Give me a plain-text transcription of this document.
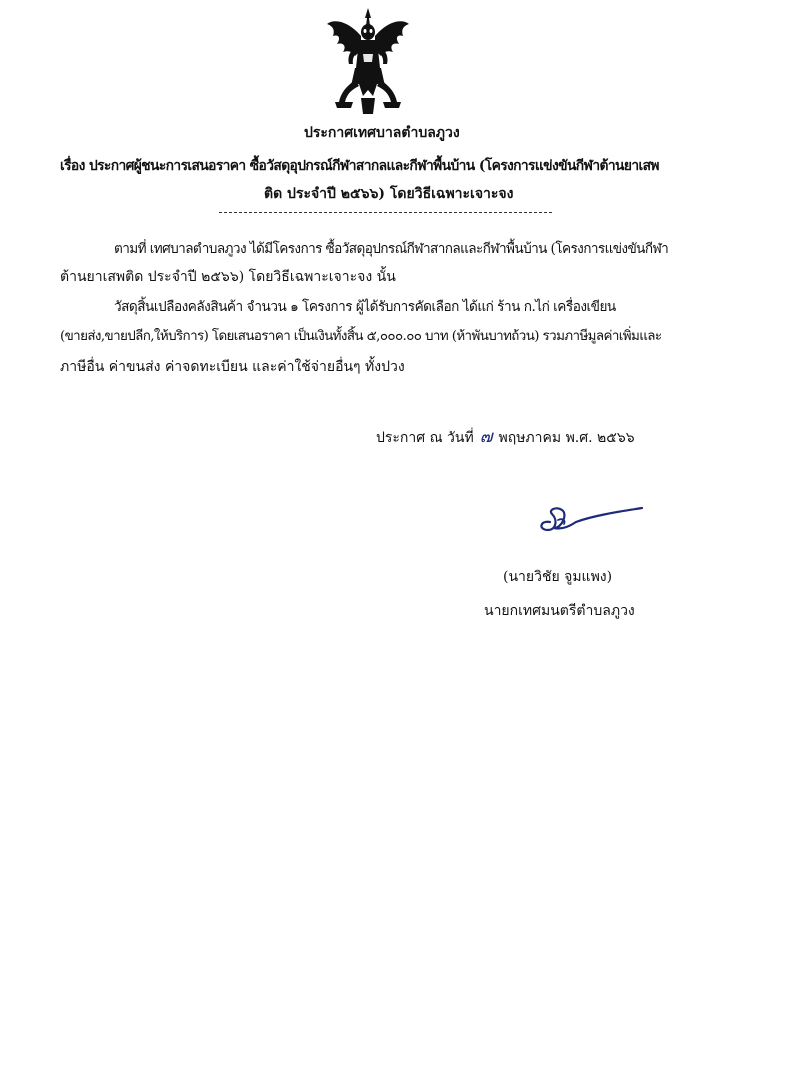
ประกาศเทศบาลตำบลภูวง
เรื่อง ประกาศผู้ชนะการเสนอราคา ซื้อวัสดุอุปกรณ์กีฬาสากลและกีฬาพื้นบ้าน (โครงการแข่งขันกีฬาต้านยาเสพ
ติด ประจำปี ๒๕๖๖) โดยวิธีเฉพาะเจาะจง
ตามที่ เทศบาลตำบลภูวง ได้มีโครงการ ซื้อวัสดุอุปกรณ์กีฬาสากลและกีฬาพื้นบ้าน (โครงการแข่งขันกีฬา
ต้านยาเสพติด ประจำปี ๒๕๖๖) โดยวิธีเฉพาะเจาะจง นั้น
วัสดุสิ้นเปลืองคลังสินค้า จำนวน ๑ โครงการ ผู้ได้รับการคัดเลือก ได้แก่ ร้าน ก.ไก่ เครื่องเขียน
(ขายส่ง,ขายปลีก,ให้บริการ) โดยเสนอราคา เป็นเงินทั้งสิ้น ๕,๐๐๐.๐๐ บาท (ห้าพันบาทถ้วน) รวมภาษีมูลค่าเพิ่มและ
ภาษีอื่น ค่าขนส่ง ค่าจดทะเบียน และค่าใช้จ่ายอื่นๆ ทั้งปวง
ประกาศ ณ วันที่ ๗ พฤษภาคม พ.ศ. ๒๕๖๖
(นายวิชัย จูมแพง)
นายกเทศมนตรีตำบลภูวง
